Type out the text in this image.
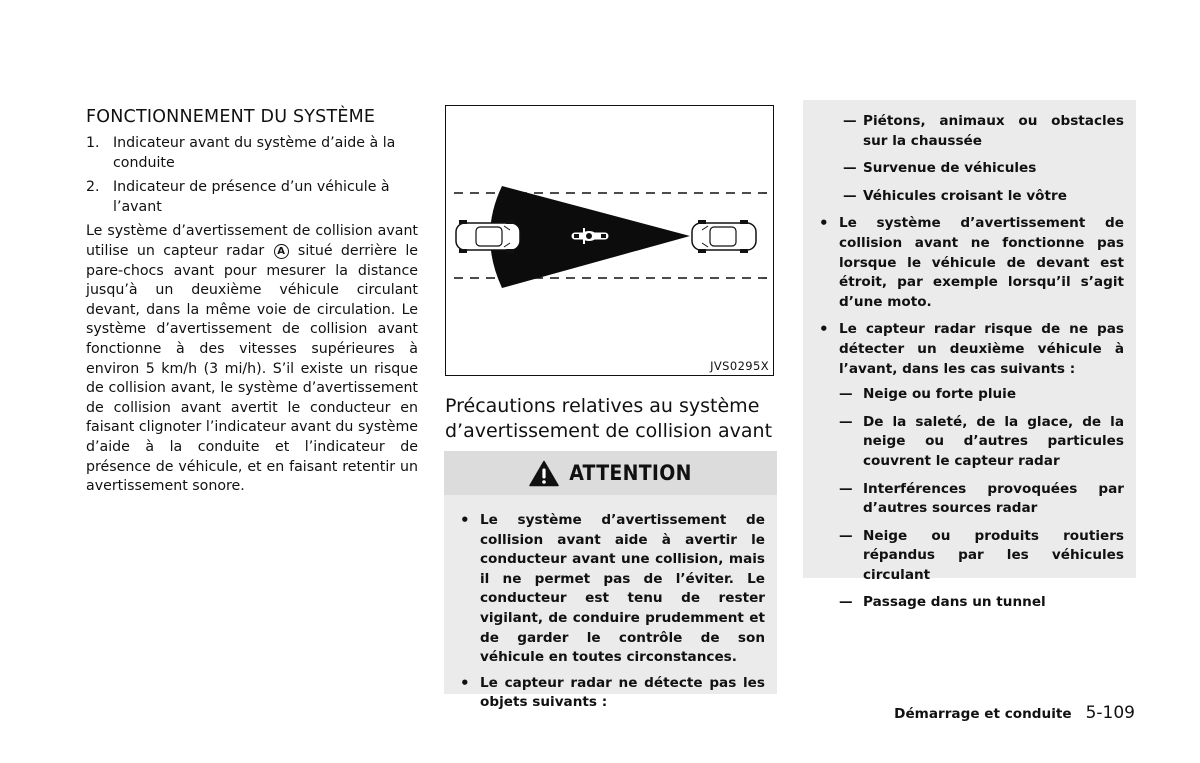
FONCTIONNEMENT DU SYSTÈME
1. Indicateur avant du système d’aide à la conduite
2. Indicateur de présence d’un véhicule à l’avant

Le système d’avertissement de collision avant utilise un capteur radar A situé derrière le pare-chocs avant pour mesurer la distance jusqu’à un deuxième véhicule circulant devant, dans la même voie de circulation. Le système d’avertissement de collision avant fonctionne à des vitesses supérieures à environ 5 km/h (3 mi/h). S’il existe un risque de collision avant, le système d’avertissement de collision avant avertit le conducteur en faisant clignoter l’indicateur avant du système d’aide à la conduite et l’indicateur de présence de véhicule, et en faisant retentir un avertissement sonore.

JVS0295X
Précautions relatives au système d’avertissement de collision avant
ATTENTION
• Le système d’avertissement de collision avant aide à avertir le conducteur avant une collision, mais il ne permet pas de l’éviter. Le conducteur est tenu de rester vigilant, de conduire prudemment et de garder le contrôle de son véhicule en toutes circonstances.
• Le capteur radar ne détecte pas les objets suivants :
— Piétons, animaux ou obstacles sur la chaussée
— Survenue de véhicules
— Véhicules croisant le vôtre
• Le système d’avertissement de collision avant ne fonctionne pas lorsque le véhicule de devant est étroit, par exemple lorsqu’il s’agit d’une moto.
• Le capteur radar risque de ne pas détecter un deuxième véhicule à l’avant, dans les cas suivants :
— Neige ou forte pluie
— De la saleté, de la glace, de la neige ou d’autres particules couvrent le capteur radar
— Interférences provoquées par d’autres sources radar
— Neige ou produits routiers répandus par les véhicules circulant
— Passage dans un tunnel
Démarrage et conduite 5-109
